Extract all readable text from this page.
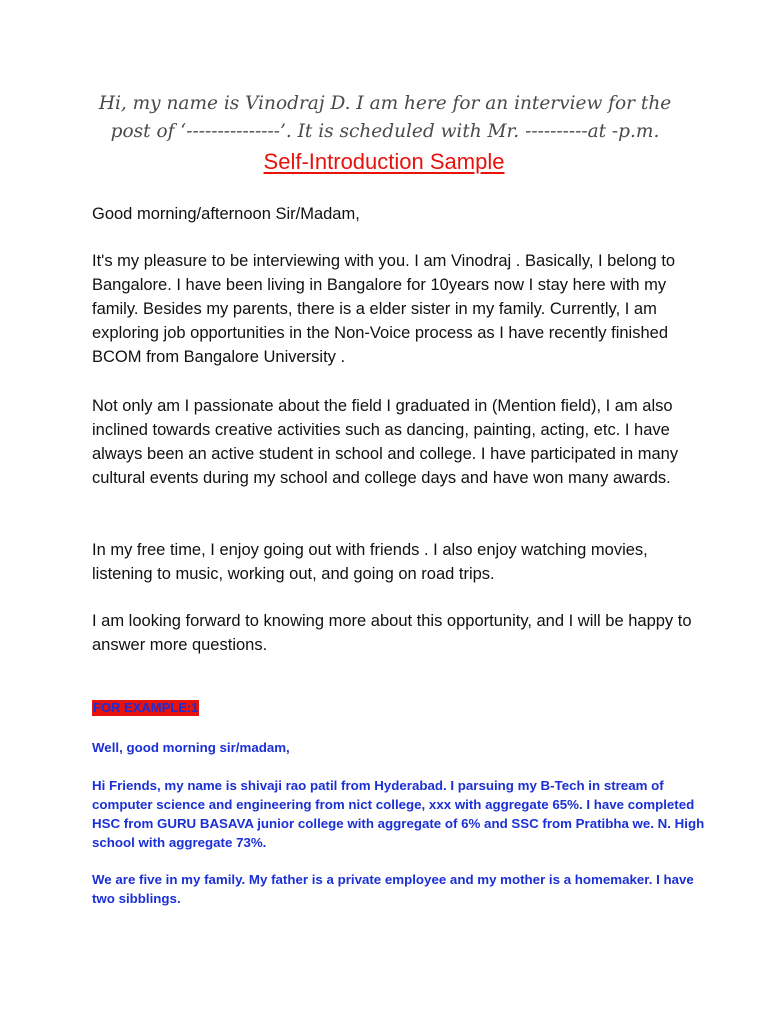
Hi, my name is Vinodraj D. I am here for an interview for the
post of ‘---------------’. It is scheduled with Mr. ----------at -p.m.
Self-Introduction Sample

Good morning/afternoon Sir/Madam,

It's my pleasure to be interviewing with you. I am Vinodraj . Basically, I belong to Bangalore. I have been living in Bangalore for 10years now I stay here with my family. Besides my parents, there is a elder sister in my family. Currently, I am exploring job opportunities in the Non-Voice process as I have recently finished BCOM from Bangalore University .

Not only am I passionate about the field I graduated in (Mention field), I am also inclined towards creative activities such as dancing, painting, acting, etc. I have always been an active student in school and college. I have participated in many cultural events during my school and college days and have won many awards.

In my free time, I enjoy going out with friends . I also enjoy watching movies, listening to music, working out, and going on road trips.

I am looking forward to knowing more about this opportunity, and I will be happy to answer more questions.

FOR EXAMPLE:1

Well, good morning sir/madam,

Hi Friends, my name is shivaji rao patil from Hyderabad. I parsuing my B-Tech in stream of computer science and engineering from nict college, xxx with aggregate 65%. I have completed HSC from GURU BASAVA junior college with aggregate of 6% and SSC from Pratibha we. N. High school with aggregate 73%.

We are five in my family. My father is a private employee and my mother is a homemaker. I have two sibblings.
